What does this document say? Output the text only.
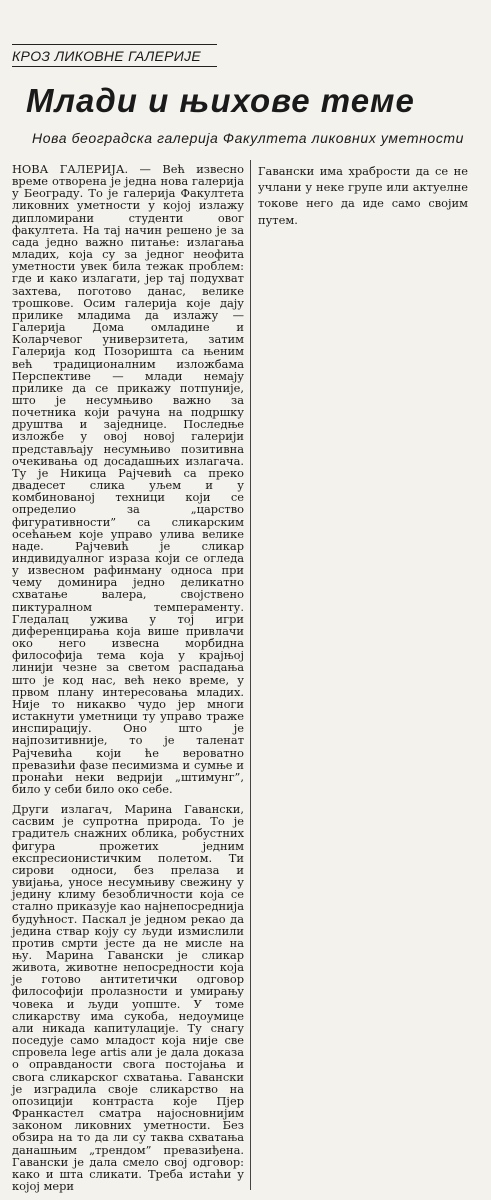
КРОЗ ЛИКОВНЕ ГАЛЕРИЈЕ
Млади и њихове теме
Нова београдска галерија Факултета ликовних уметности

НОВА ГАЛЕРИЈА. — Већ извесно време отворена је једна нова галерија у Београду. То је галерија Факултета ликовних уметности у којој излажу дипломирани студенти овог факултета. На тај начин решено је за сада једно важно питање: излагања младих, која су за једног неофита уметности увек била тежак проблем: где и како излагати, јер тај подухват захтева, поготово данас, велике трошкове. Осим галерија које дају прилике младима да излажу — Галерија Дома омладине и Коларчевог универзитета, затим Галерија код Позоришта са њеним већ традиционалним изложбама Перспективе — млади немају прилике да се прикажу потпуније, што је несумњиво важно за почетника који рачуна на подршку друштва и заједнице. Последње изложбе у овој новој галерији представљају несумњиво позитивна очекивања од досадашњих излагача. Ту је Никица Рајчевић са преко двадесет слика уљем и у комбинованој техници који се определио за „царство фигуративности” са сликарским осећањем које управо улива велике наде. Рајчевић је сликар индивидуалног израза који се огледа у извесном рафинману односа при чему доминира једно деликатно схватање валера, својствено пиктуралном темпераменту. Гледалац ужива у тој игри диференцирања која више привлачи око него извесна морбидна философија тема која у крајњој линији чезне за светом распадања што је код нас, већ неко време, у првом плану интересовања младих. Није то никакво чудо јер многи истакнути уметници ту управо траже инспирацију. Оно што је најпозитивније, то је таленат Рајчевића који ће вероватно превазићи фазе песимизма и сумње и пронаћи неки ведрији „штимунг”, било у себи било око себе.

Други излагач, Марина Гавански, сасвим је супротна природа. То је градитељ снажних облика, робустних фигура прожетих једним експресионистичким полетом. Ти сирови односи, без прелаза и увијања, уносе несумњиву свежину у једину климу безобличности која се стално приказује као најнепосреднија будућност. Паскал је једном рекао да једина ствар коју су људи измислили против смрти јесте да не мисле на њу. Марина Гавански је сликар живота, животне непосредности која је готово антитетички одговор философији пролазности и умирању човека и људи уопште. У томе сликарству има сукоба, недоумице али никада капитулације. Ту снагу поседује само младост која није све спровела lege artis али је дала доказа о оправданости свога постојања и свога сликарског схватања. Гавански је изградила своје сликарство на опозицији контраста које Пјер Франкастел сматра најосновнијим законом ликовних уметности. Без обзира на то да ли су таква схватања данашњим „трендом” превазиђена. Гавански је дала смело свој одговор: како и шта сликати. Треба истаћи у којој мери

Гавански има храбрости да се не учлани у неке групе или актуелне токове него да иде само својим путем.
